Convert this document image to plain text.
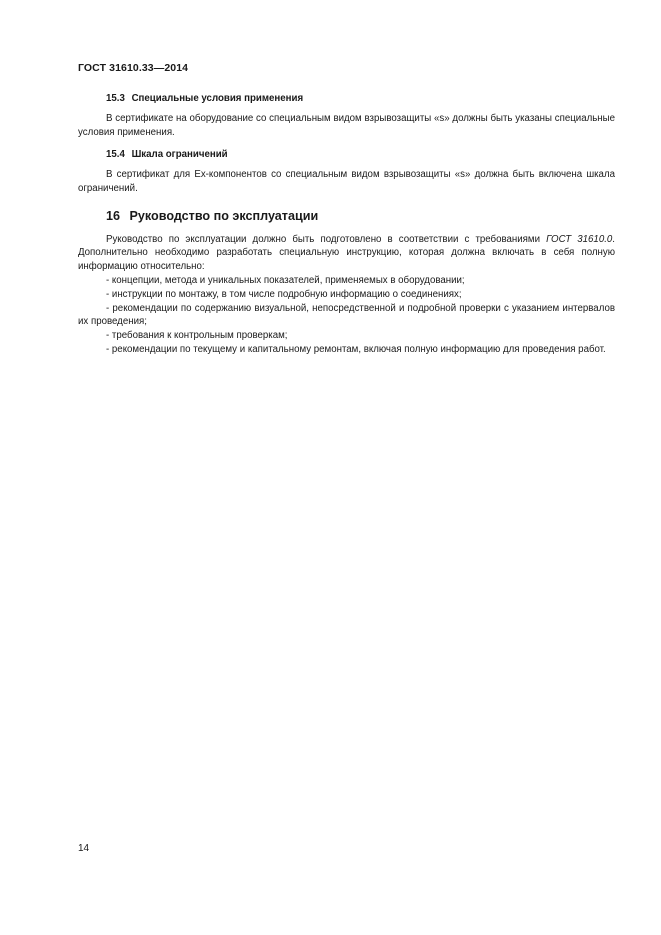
ГОСТ 31610.33—2014
15.3 Специальные условия применения

В сертификате на оборудование со специальным видом взрывозащиты «s» должны быть указаны специальные условия применения.

15.4 Шкала ограничений

В сертификат для Ex-компонентов со специальным видом взрывозащиты «s» должна быть включена шкала ограничений.

16 Руководство по эксплуатации

Руководство по эксплуатации должно быть подготовлено в соответствии с требованиями ГОСТ 31610.0. Дополнительно необходимо разработать специальную инструкцию, которая должна включать в себя полную информацию относительно:

- концепции, метода и уникальных показателей, применяемых в оборудовании;
- инструкции по монтажу, в том числе подробную информацию о соединениях;
- рекомендации по содержанию визуальной, непосредственной и подробной проверки с указанием интервалов их проведения;
- требования к контрольным проверкам;
- рекомендации по текущему и капитальному ремонтам, включая полную информацию для проведения работ.
14
